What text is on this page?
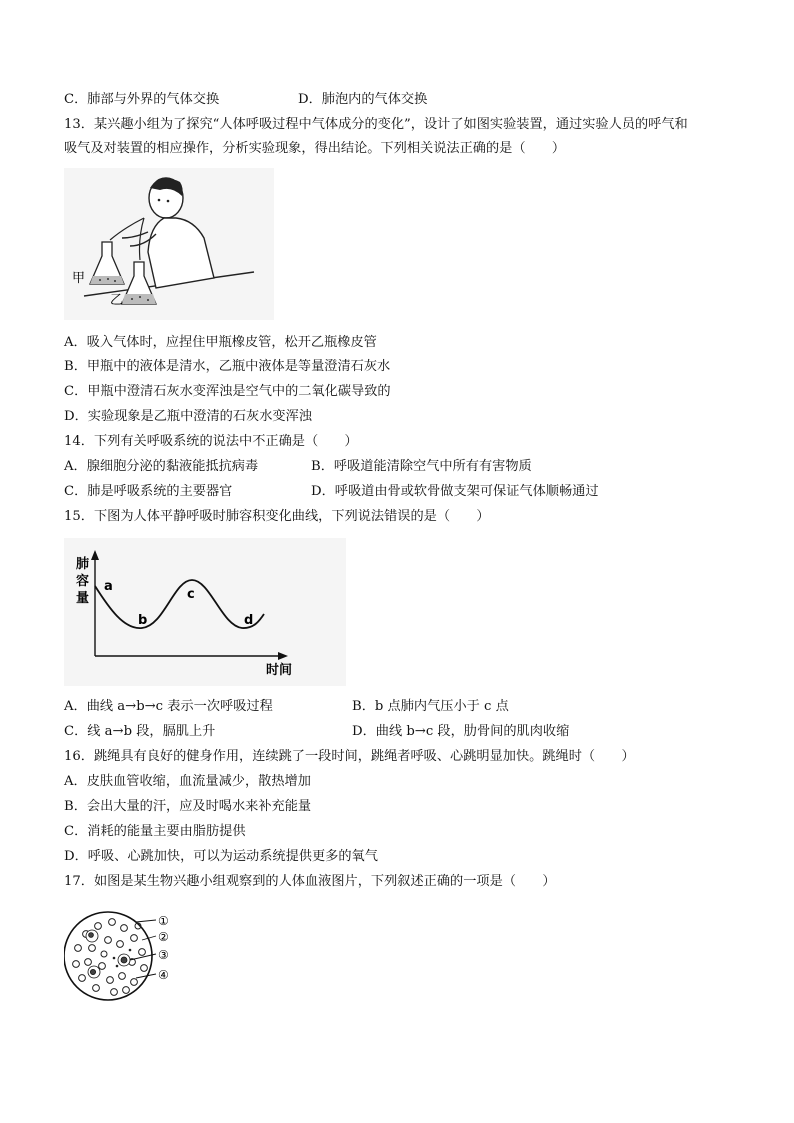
C．肺部与外界的气体交换	D．肺泡内的气体交换
13．某兴趣小组为了探究“人体呼吸过程中气体成分的变化”，设计了如图实验装置，通过实验人员的呼气和
吸气及对装置的相应操作，分析实验现象，得出结论。下列相关说法正确的是（　　）
甲
乙
A．吸入气体时，应捏住甲瓶橡皮管，松开乙瓶橡皮管
B．甲瓶中的液体是清水，乙瓶中液体是等量澄清石灰水
C．甲瓶中澄清石灰水变浑浊是空气中的二氧化碳导致的
D．实验现象是乙瓶中澄清的石灰水变浑浊
14．下列有关呼吸系统的说法中不正确是（　　）
A．腺细胞分泌的黏液能抵抗病毒	B．呼吸道能清除空气中所有有害物质
C．肺是呼吸系统的主要器官	D．呼吸道由骨或软骨做支架可保证气体顺畅通过
15．下图为人体平静呼吸时肺容积变化曲线，下列说法错误的是（　　）
肺
容
量
时间
a
b
c
d
A．曲线 a→b→c 表示一次呼吸过程	B．b 点肺内气压小于 c 点
C．线 a→b 段，膈肌上升	D．曲线 b→c 段，肋骨间的肌肉收缩
16．跳绳具有良好的健身作用，连续跳了一段时间，跳绳者呼吸、心跳明显加快。跳绳时（　　）
A．皮肤血管收缩，血流量减少，散热增加
B．会出大量的汗，应及时喝水来补充能量
C．消耗的能量主要由脂肪提供
D．呼吸、心跳加快，可以为运动系统提供更多的氧气
17．如图是某生物兴趣小组观察到的人体血液图片，下列叙述正确的一项是（　　）
①
②
③
④
